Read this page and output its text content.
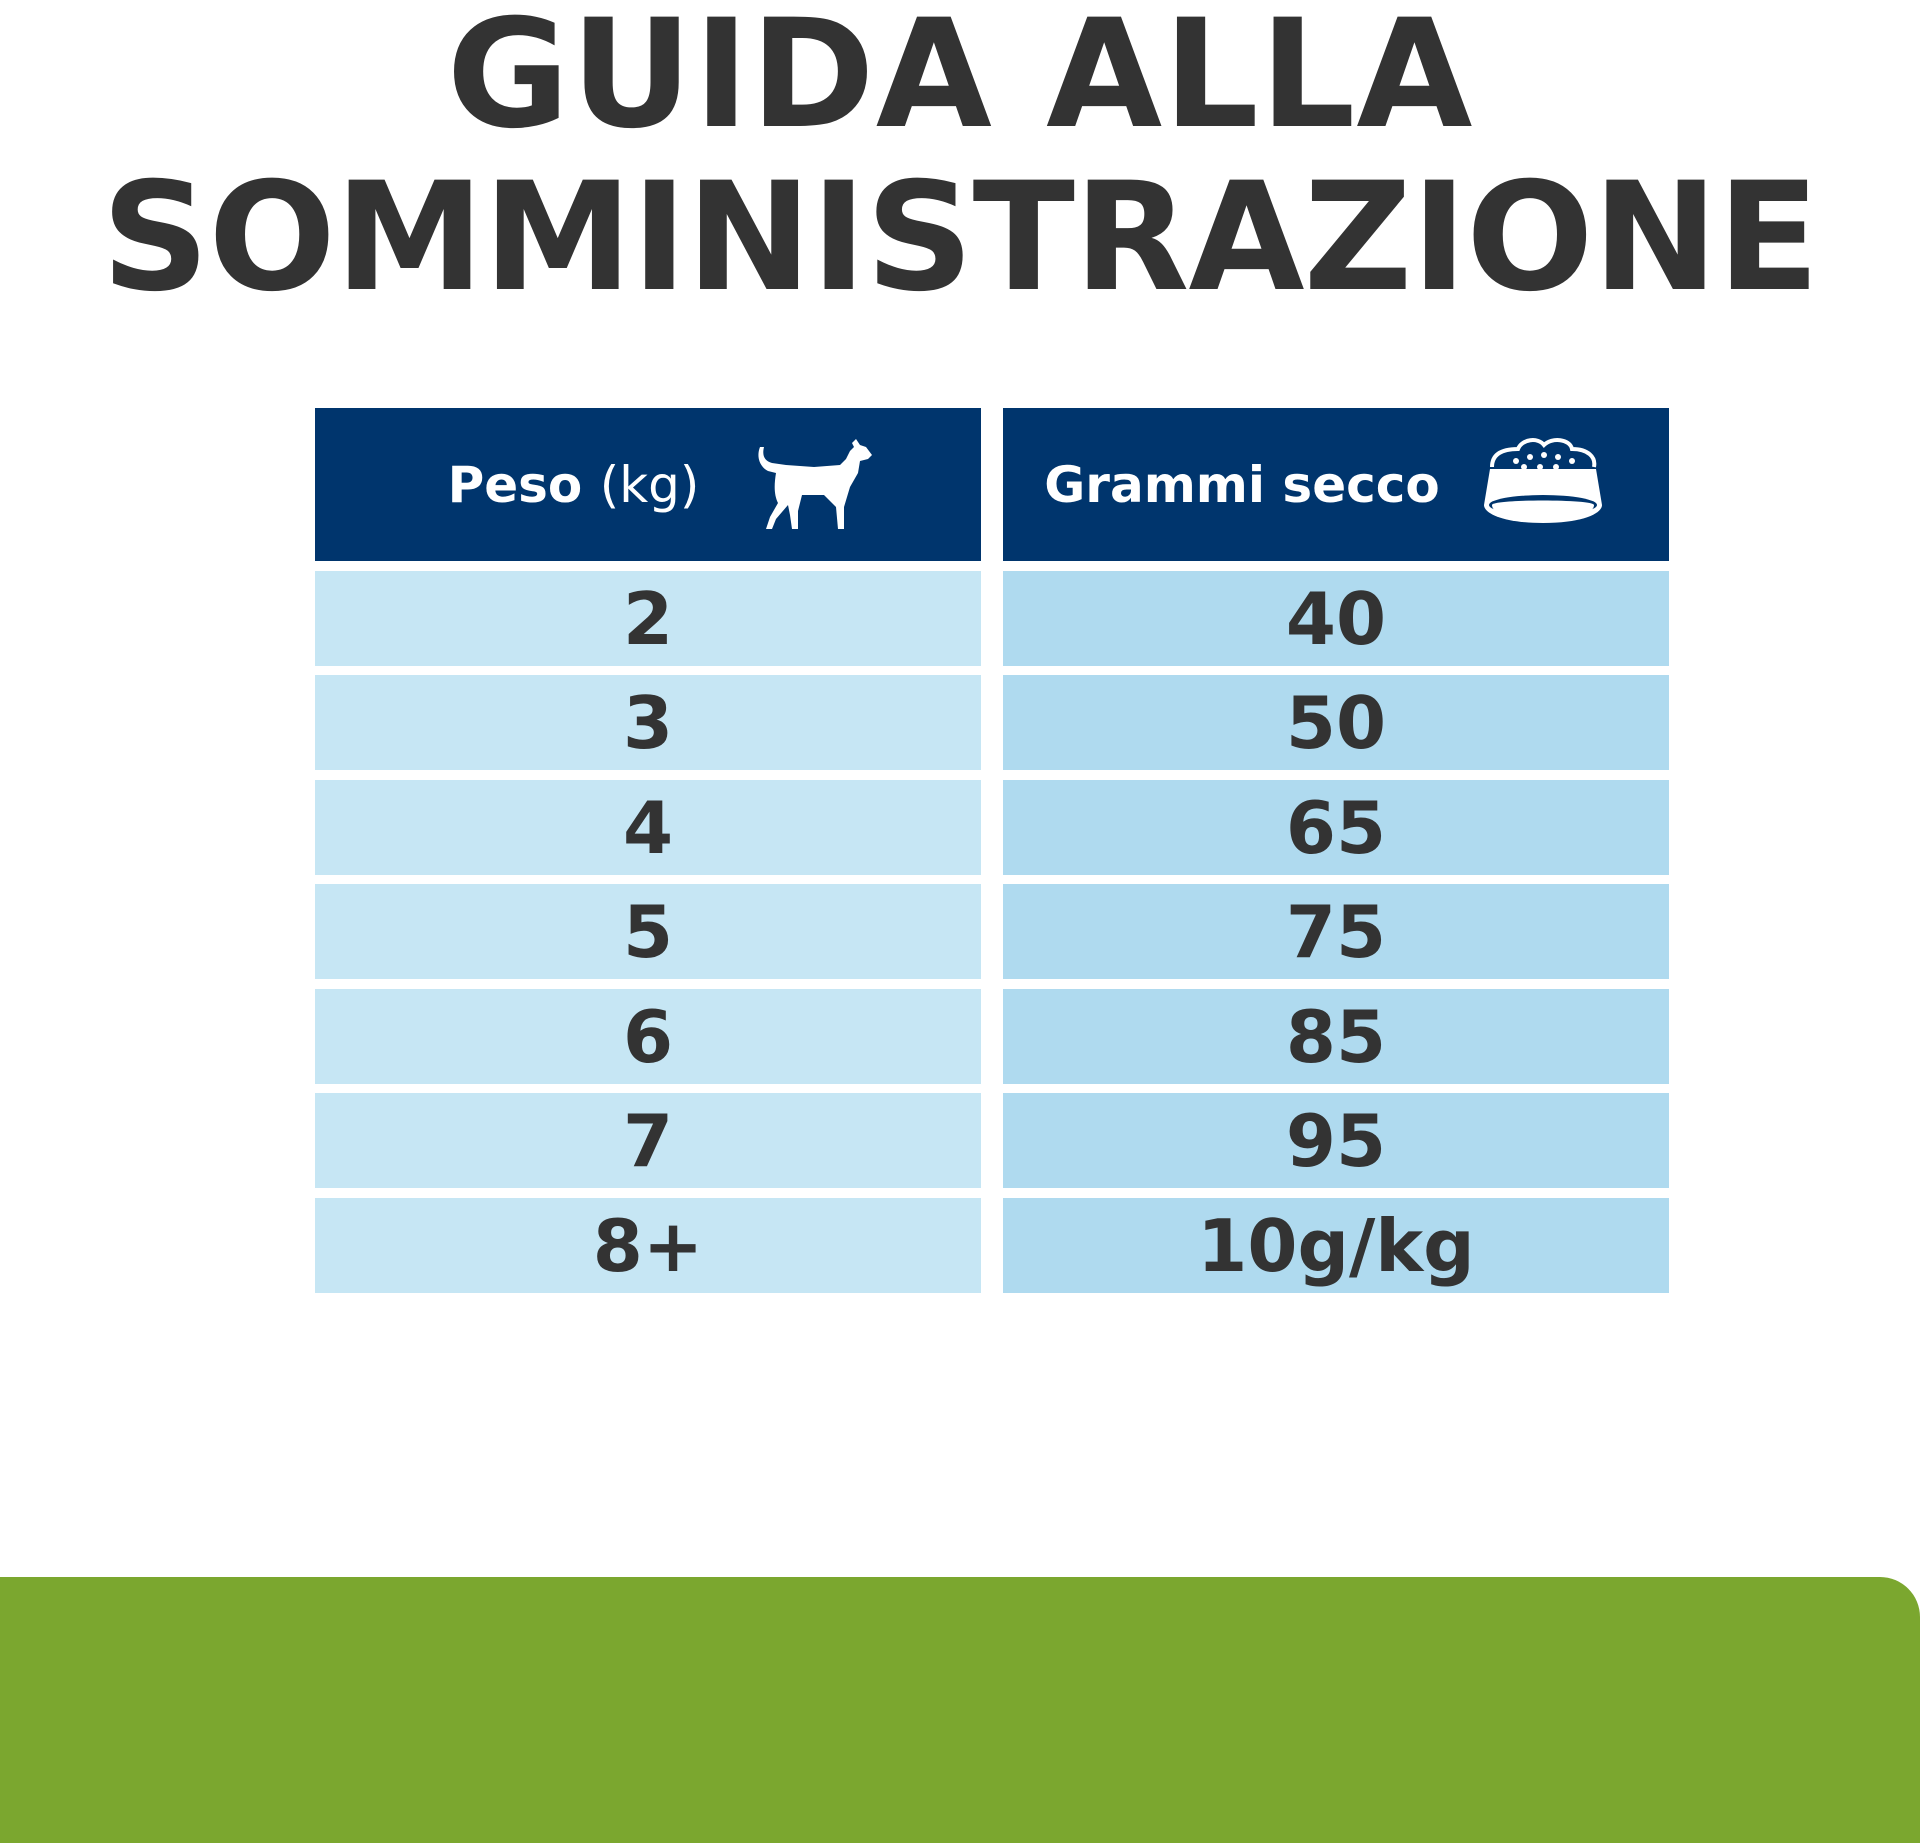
GUIDA ALLA
SOMMINISTRAZIONE
Peso (kg)	Grammi secco
2	40
3	50
4	65
5	75
6	85
7	95
8+	10g/kg
